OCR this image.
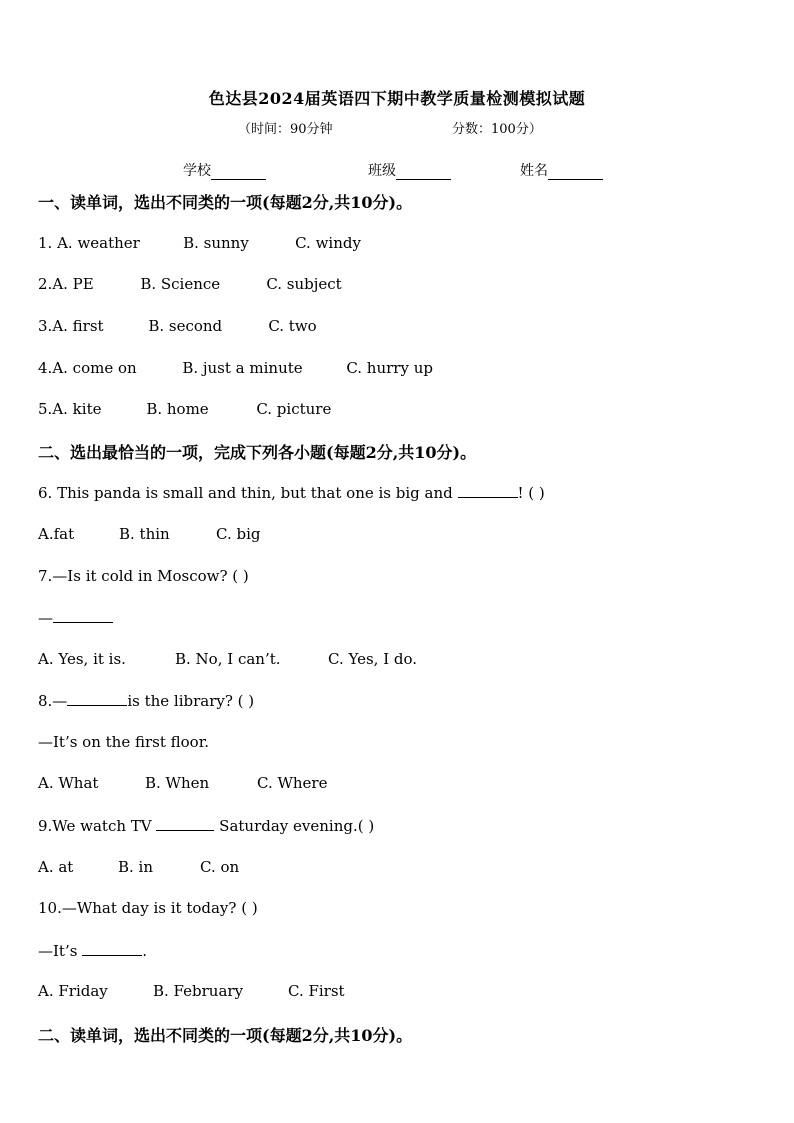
色达县2024届英语四下期中教学质量检测模拟试题
（时间：90分钟	分数：100分）
学校	班级	姓名
一、读单词，选出不同类的一项(每题2分,共10分)。
1. A. weather	B. sunny	C. windy
2.A. PE	B. Science	C. subject
3.A. first	B. second	C. two
4.A. come on	B. just a minute	C. hurry up
5.A. kite	B. home	C. picture
二、选出最恰当的一项，完成下列各小题(每题2分,共10分)。
6. This panda is small and thin, but that one is big and	! ( )
A.fat	B. thin	C. big
7.—Is it cold in Moscow? ( )
—
A. Yes, it is.	B. No, I can’t.	C. Yes, I do.
8.—	is the library? ( )
—It’s on the first floor.
A. What	B. When	C. Where
9.We watch TV	Saturday evening.( )
A. at	B. in	C. on
10.—What day is it today? ( )
—It’s	.
A. Friday	B. February	C. First
二、读单词，选出不同类的一项(每题2分,共10分)。
